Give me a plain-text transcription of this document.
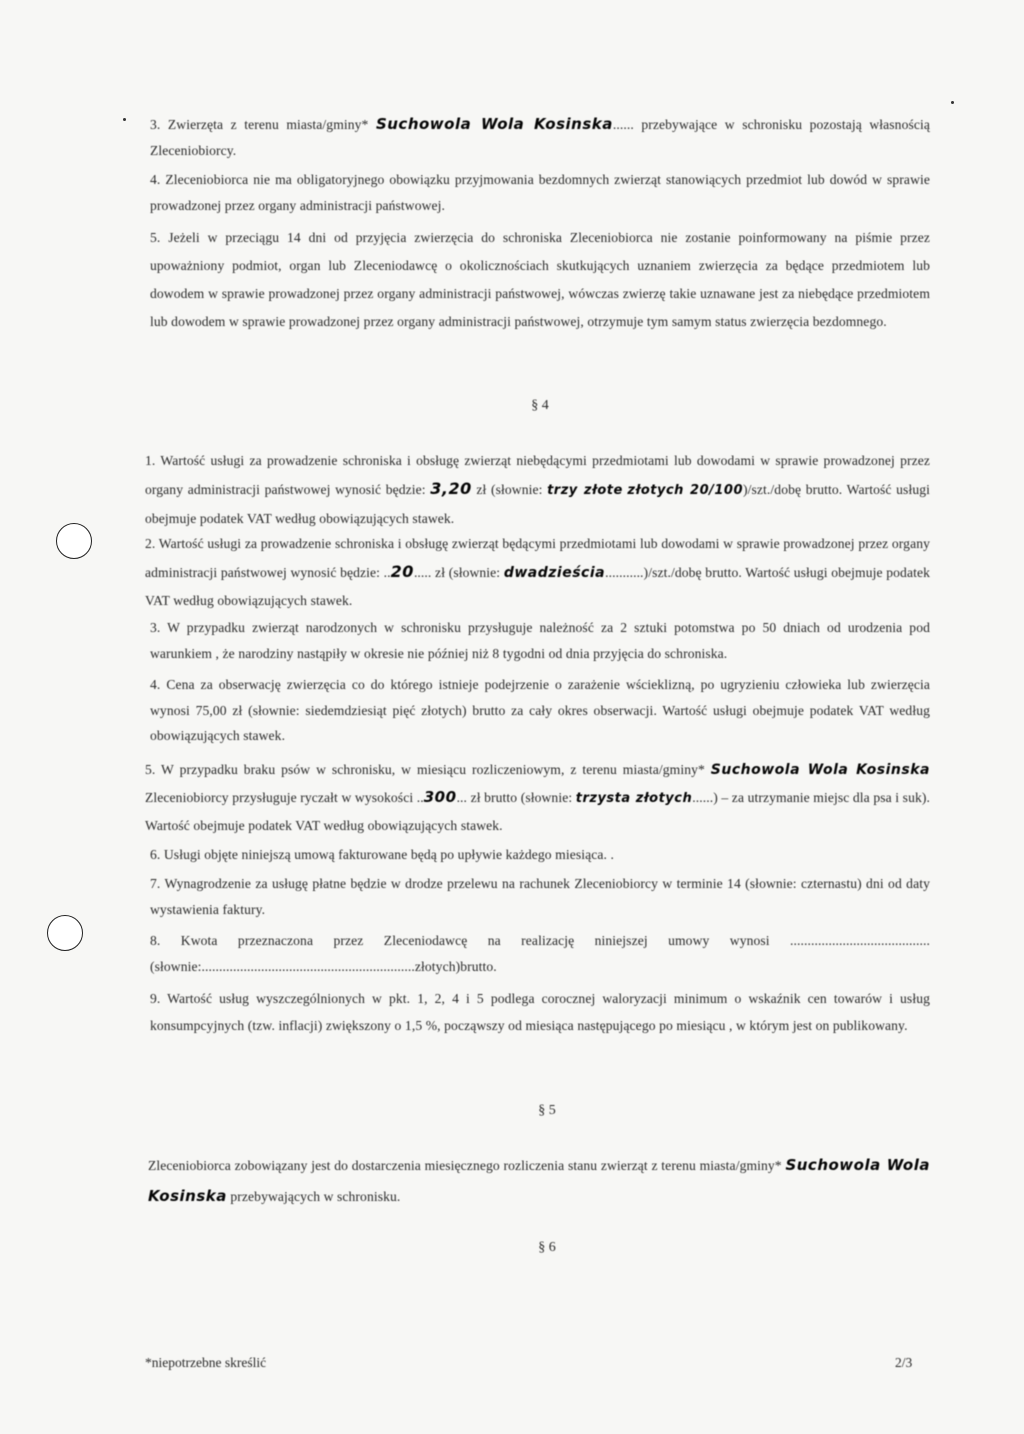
3. Zwierzęta z terenu miasta/gminy* Suchowola Wola Kosinska...... przebywające w schronisku pozostają własnością Zleceniobiorcy.
4. Zleceniobiorca nie ma obligatoryjnego obowiązku przyjmowania bezdomnych zwierząt stanowiących przedmiot lub dowód w sprawie prowadzonej przez organy administracji państwowej.
5. Jeżeli w przeciągu 14 dni od przyjęcia zwierzęcia do schroniska Zleceniobiorca nie zostanie poinformowany na piśmie przez upoważniony podmiot, organ lub Zleceniodawcę o okolicznościach skutkujących uznaniem zwierzęcia za będące przedmiotem lub dowodem w sprawie prowadzonej przez organy administracji państwowej, wówczas zwierzę takie uznawane jest za niebędące przedmiotem lub dowodem w sprawie prowadzonej przez organy administracji państwowej, otrzymuje tym samym status zwierzęcia bezdomnego.
§ 4
1. Wartość usługi za prowadzenie schroniska i obsługę zwierząt niebędącymi przedmiotami lub dowodami w sprawie prowadzonej przez organy administracji państwowej wynosić będzie: 3,20 zł (słownie: trzy złote złotych 20/100)/szt./dobę brutto. Wartość usługi obejmuje podatek VAT według obowiązujących stawek.
2. Wartość usługi za prowadzenie schroniska i obsługę zwierząt będącymi przedmiotami lub dowodami w sprawie prowadzonej przez organy administracji państwowej wynosić będzie: ..20..... zł (słownie: dwadzieścia...........)/szt./dobę brutto. Wartość usługi obejmuje podatek VAT według obowiązujących stawek.
3. W przypadku zwierząt narodzonych w schronisku przysługuje należność za 2 sztuki potomstwa po 50 dniach od urodzenia pod warunkiem , że narodziny nastąpiły w okresie nie później niż 8 tygodni od dnia przyjęcia do schroniska.
4. Cena za obserwację zwierzęcia co do którego istnieje podejrzenie o zarażenie wścieklizną, po ugryzieniu człowieka lub zwierzęcia wynosi 75,00 zł (słownie: siedemdziesiąt pięć złotych) brutto za cały okres obserwacji. Wartość usługi obejmuje podatek VAT według obowiązujących stawek.
5. W przypadku braku psów w schronisku, w miesiącu rozliczeniowym, z terenu miasta/gminy* Suchowola Wola Kosinska Zleceniobiorcy przysługuje ryczałt w wysokości ..300... zł brutto (słownie: trzysta złotych......) – za utrzymanie miejsc dla psa i suk). Wartość obejmuje podatek VAT według obowiązujących stawek.
6. Usługi objęte niniejszą umową fakturowane będą po upływie każdego miesiąca. .
7. Wynagrodzenie za usługę płatne będzie w drodze przelewu na rachunek Zleceniobiorcy w terminie 14 (słownie: czternastu) dni od daty wystawienia faktury.
8. Kwota przeznaczona przez Zleceniodawcę na realizację niniejszej umowy wynosi ........................................ (słownie:.............................................................złotych)brutto.
9. Wartość usług wyszczególnionych w pkt. 1, 2, 4 i 5 podlega corocznej waloryzacji minimum o wskaźnik cen towarów i usług konsumpcyjnych (tzw. inflacji) zwiększony o 1,5 %, począwszy od miesiąca następującego po miesiącu , w którym jest on publikowany.
§ 5
Zleceniobiorca zobowiązany jest do dostarczenia miesięcznego rozliczenia stanu zwierząt z terenu miasta/gminy* Suchowola Wola Kosinska przebywających w schronisku.
§ 6
*niepotrzebne skreślić	2/3
